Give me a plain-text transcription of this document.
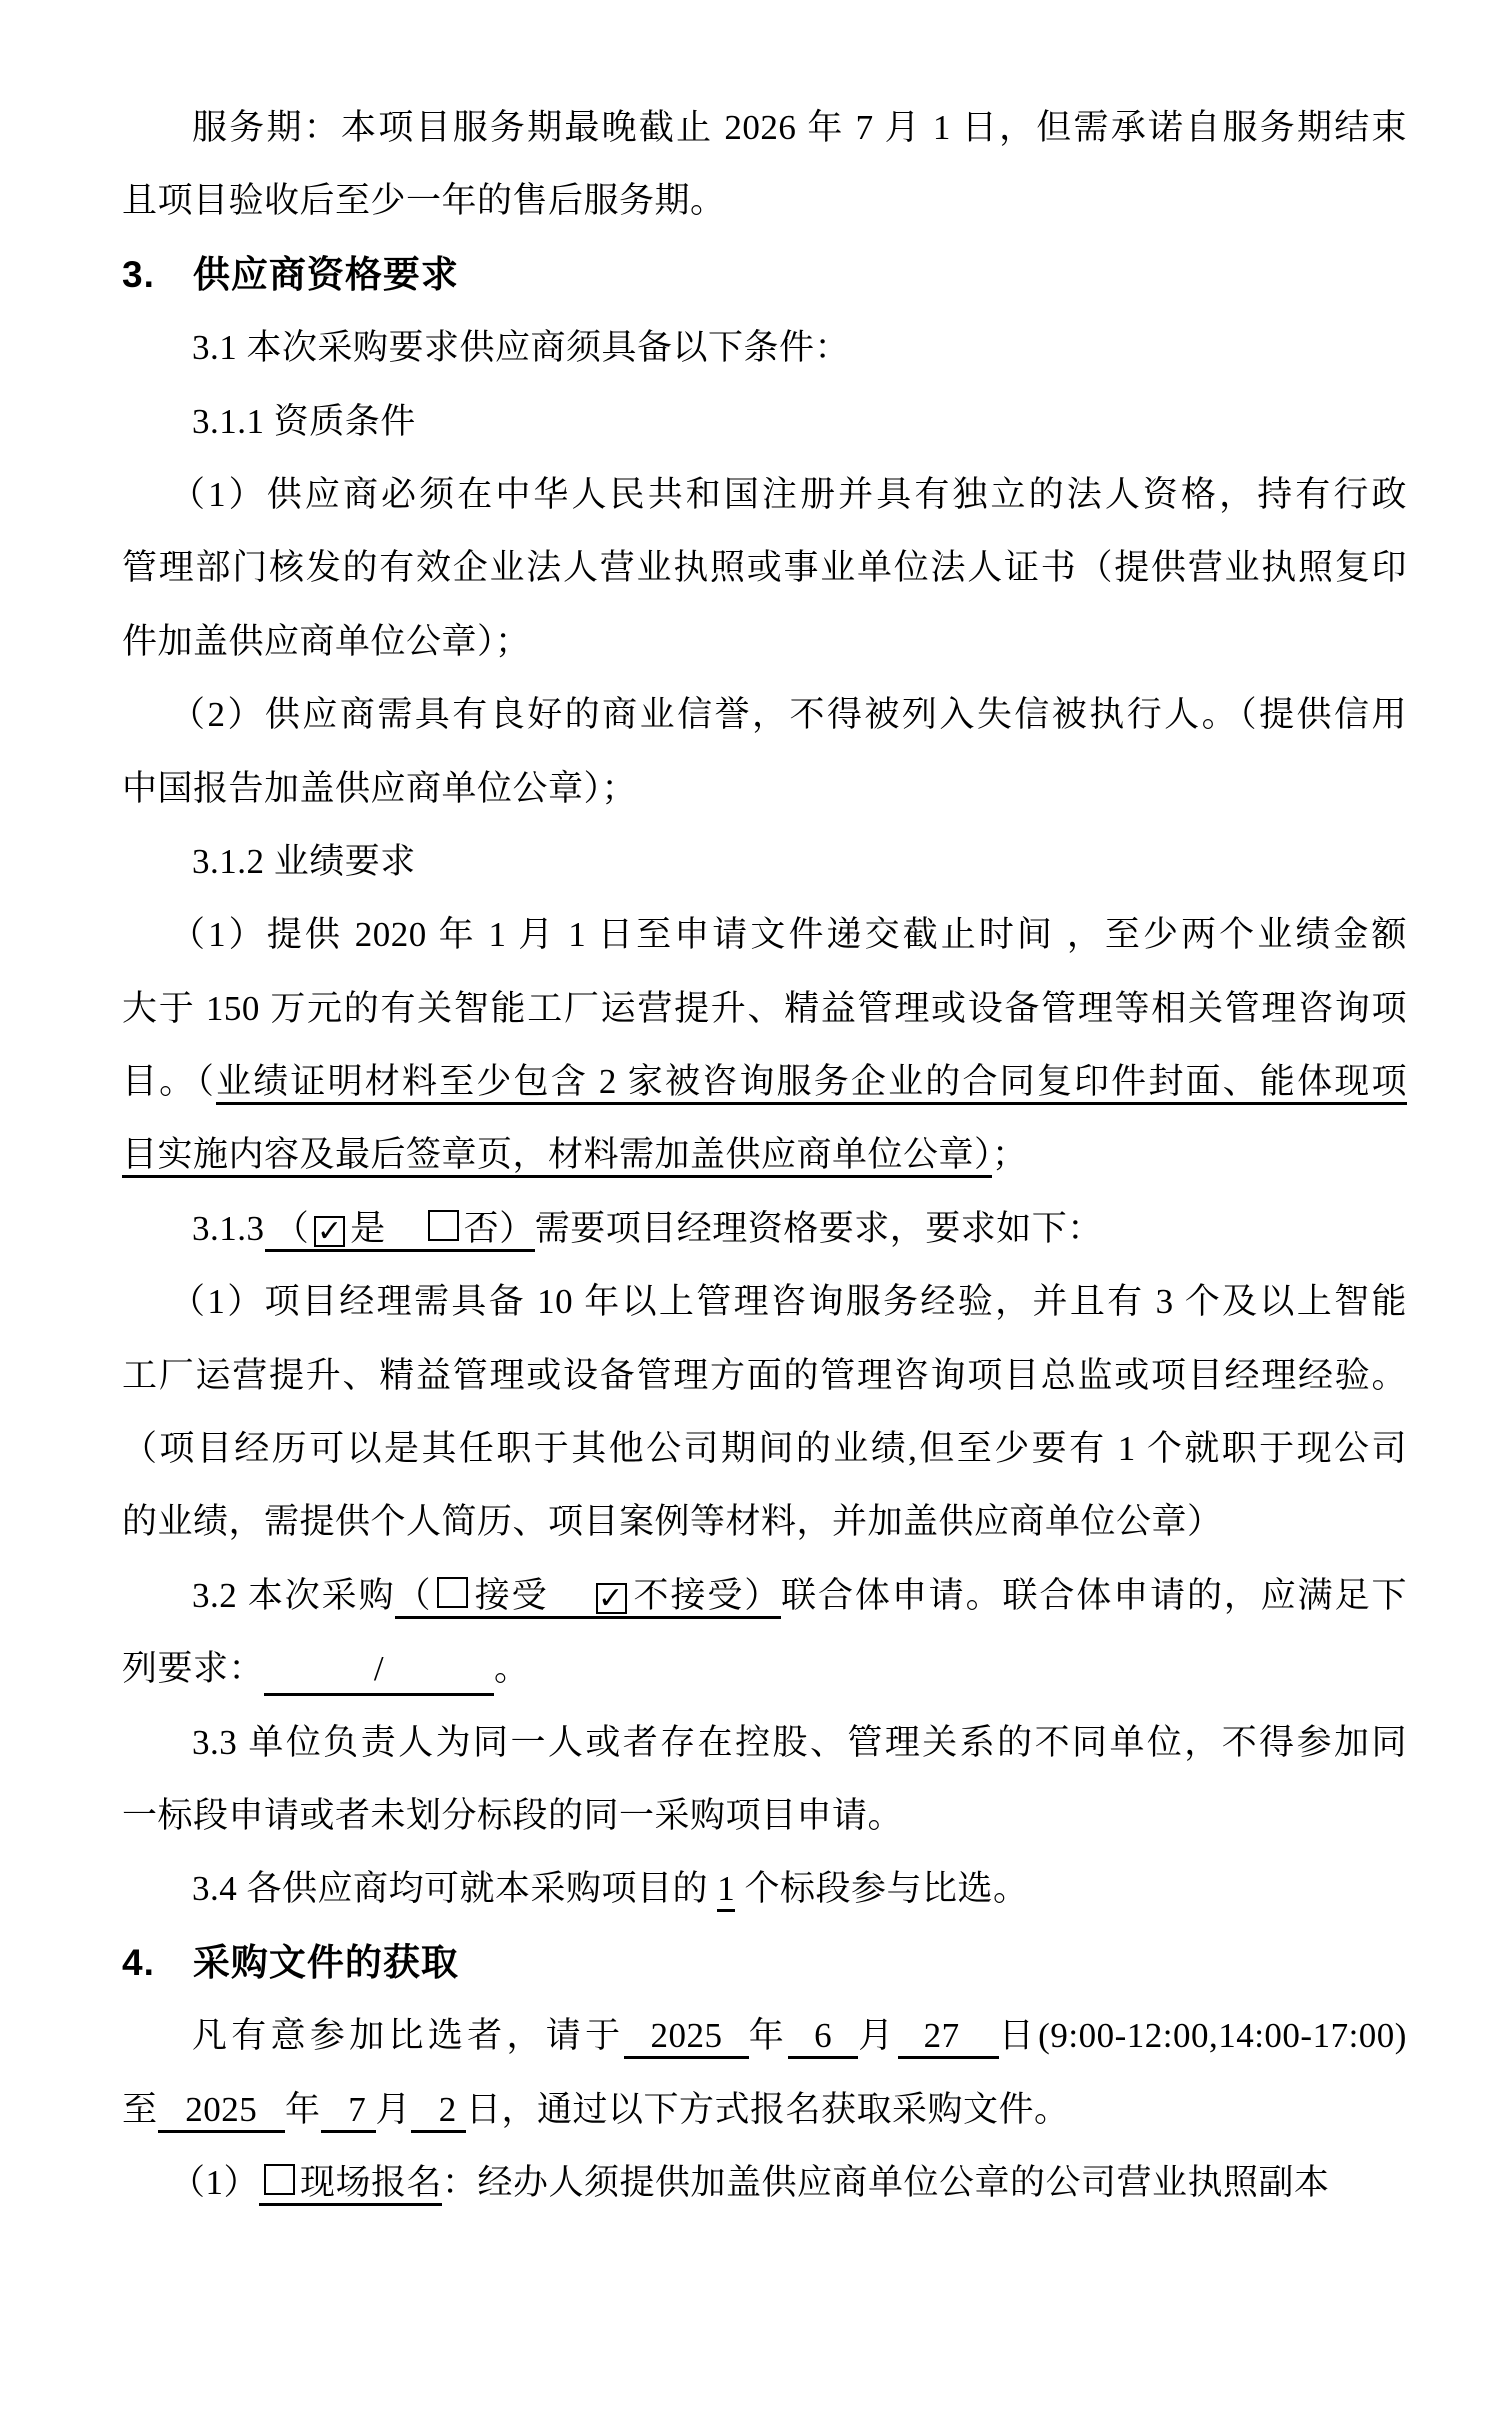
服务期：本项目服务期最晚截止 2026 年 7 月 1 日，但需承诺自服务期结束
且项目验收后至少一年的售后服务期。
3.　供应商资格要求
3.1 本次采购要求供应商须具备以下条件：
3.1.1 资质条件
（1）供应商必须在中华人民共和国注册并具有独立的法人资格，持有行政
管理部门核发的有效企业法人营业执照或事业单位法人证书（提供营业执照复印
件加盖供应商单位公章）；
（2）供应商需具有良好的商业信誉，不得被列入失信被执行人。（提供信用
中国报告加盖供应商单位公章）；
3.1.2 业绩要求
（1）提供 2020 年 1 月 1 日至申请文件递交截止时间 ，至少两个业绩金额
大于 150 万元的有关智能工厂运营提升、精益管理或设备管理等相关管理咨询项
目。（业绩证明材料至少包含 2 家被咨询服务企业的合同复印件封面、能体现项
目实施内容及最后签章页，材料需加盖供应商单位公章）；
3.1.3 （ ✓ 是    否）需要项目经理资格要求，要求如下：
（1）项目经理需具备 10 年以上管理咨询服务经验，并且有 3 个及以上智能
工厂运营提升、精益管理或设备管理方面的管理咨询项目总监或项目经理经验。
（项目经历可以是其任职于其他公司期间的业绩,但至少要有 1 个就职于现公司
的业绩，需提供个人简历、项目案例等材料，并加盖供应商单位公章）
3.2 本次采购（ 接受    ✓ 不接受）联合体申请。联合体申请的，应满足下
列要求：	/	。
3.3 单位负责人为同一人或者存在控股、管理关系的不同单位，不得参加同
一标段申请或者未划分标段的同一采购项目申请。
3.4 各供应商均可就本采购项目的 1 个标段参与比选。
4.　采购文件的获取
凡有意参加比选者，请于  2025  年  6  月  27   日(9:00-12:00,14:00-17:00)
至   2025   年   7 月   2 日，通过以下方式报名获取采购文件。
（1） 现场报名：经办人须提供加盖供应商单位公章的公司营业执照副本
